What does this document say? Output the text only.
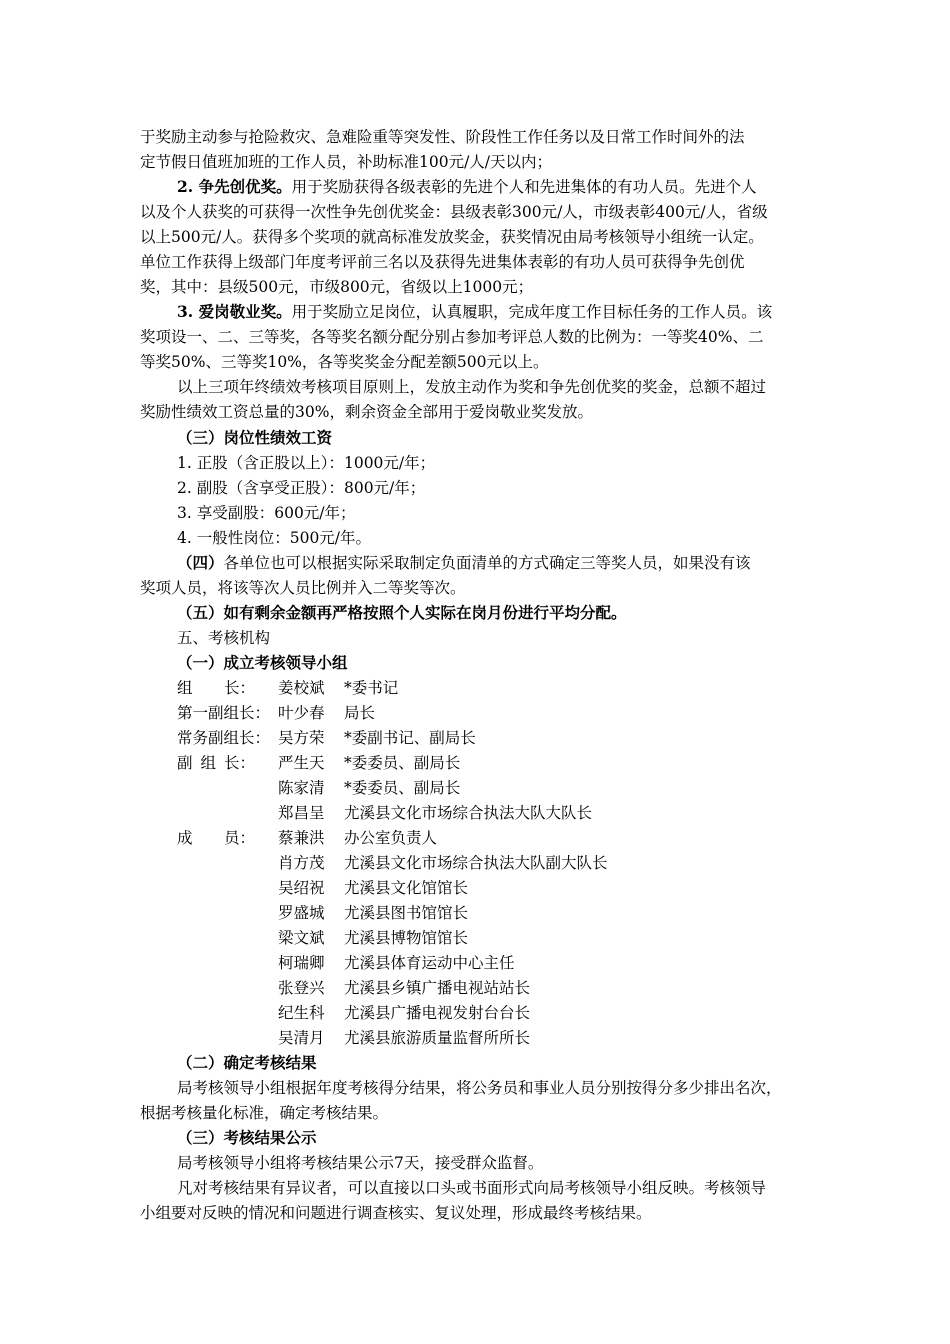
于奖励主动参与抢险救灾、急难险重等突发性、阶段性工作任务以及日常工作时间外的法
定节假日值班加班的工作人员，补助标准100元/人/天以内；
2. 争先创优奖。用于奖励获得各级表彰的先进个人和先进集体的有功人员。先进个人
以及个人获奖的可获得一次性争先创优奖金：县级表彰300元/人，市级表彰400元/人，省级
以上500元/人。获得多个奖项的就高标准发放奖金，获奖情况由局考核领导小组统一认定。
单位工作获得上级部门年度考评前三名以及获得先进集体表彰的有功人员可获得争先创优
奖，其中：县级500元，市级800元，省级以上1000元；
3. 爱岗敬业奖。用于奖励立足岗位，认真履职，完成年度工作目标任务的工作人员。该
奖项设一、二、三等奖，各等奖名额分配分别占参加考评总人数的比例为：一等奖40%、二
等奖50%、三等奖10%，各等奖奖金分配差额500元以上。
以上三项年终绩效考核项目原则上，发放主动作为奖和争先创优奖的奖金，总额不超过
奖励性绩效工资总量的30%，剩余资金全部用于爱岗敬业奖发放。
（三）岗位性绩效工资
1. 正股（含正股以上）：1000元/年；
2. 副股（含享受正股）：800元/年；
3. 享受副股：600元/年；
4. 一般性岗位：500元/年。
（四）各单位也可以根据实际采取制定负面清单的方式确定三等奖人员，如果没有该
奖项人员，将该等次人员比例并入二等奖等次。
（五）如有剩余金额再严格按照个人实际在岗月份进行平均分配。
五、考核机构
（一）成立考核领导小组
组 长： 姜校斌 *委书记
第一副组长： 叶少春 局长
常务副组长： 吴方荣 *委副书记、副局长
副 组 长： 严生天 *委委员、副局长
陈家清 *委委员、副局长
郑昌呈 尤溪县文化市场综合执法大队大队长
成 员： 蔡兼洪 办公室负责人
肖方茂 尤溪县文化市场综合执法大队副大队长
吴绍祝 尤溪县文化馆馆长
罗盛城 尤溪县图书馆馆长
梁文斌 尤溪县博物馆馆长
柯瑞卿 尤溪县体育运动中心主任
张登兴 尤溪县乡镇广播电视站站长
纪生科 尤溪县广播电视发射台台长
吴清月 尤溪县旅游质量监督所所长
（二）确定考核结果
局考核领导小组根据年度考核得分结果，将公务员和事业人员分别按得分多少排出名次，
根据考核量化标准，确定考核结果。
（三）考核结果公示
局考核领导小组将考核结果公示7天，接受群众监督。
凡对考核结果有异议者，可以直接以口头或书面形式向局考核领导小组反映。考核领导
小组要对反映的情况和问题进行调查核实、复议处理，形成最终考核结果。
